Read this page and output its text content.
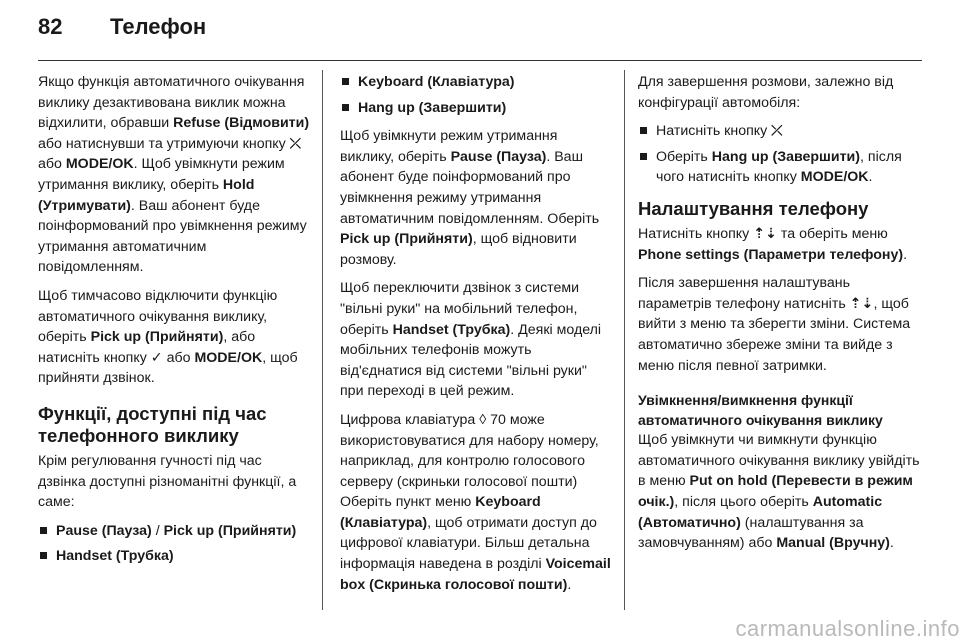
82	Телефон

Якщо функція автоматичного очікування виклику дезактивована виклик можна відхилити, обравши Refuse (Відмовити) або натиснувши та утримуючи кнопку ⤫ або MODE/OK. Щоб увімкнути режим утримання виклику, оберіть Hold (Утримувати). Ваш абонент буде поінформований про увімкнення режиму утримання автоматичним повідомленням.

Щоб тимчасово відключити функцію автоматичного очікування виклику, оберіть Pick up (Прийняти), або натисніть кнопку ✓ або MODE/OK, щоб прийняти дзвінок.

Функції, доступні під час телефонного виклику

Крім регулювання гучності під час дзвінка доступні різноманітні функції, а саме:

Pause (Пауза) / Pick up (Прийняти)
Handset (Трубка)
Keyboard (Клавіатура)
Hang up (Завершити)

Щоб увімкнути режим утримання виклику, оберіть Pause (Пауза). Ваш абонент буде поінформований про увімкнення режиму утримання автоматичним повідомленням. Оберіть Pick up (Прийняти), щоб відновити розмову.

Щоб переключити дзвінок з системи "вільні руки" на мобільний телефон, оберіть Handset (Трубка). Деякі моделі мобільних телефонів можуть від'єднатися від системи "вільні руки" при переході в цей режим.

Цифрова клавіатура ◊ 70 може використовуватися для набору номеру, наприклад, для контролю голосового серверу (скриньки голосової пошти) Оберіть пункт меню Keyboard (Клавіатура), щоб отримати доступ до цифрової клавіатури. Більш детальна інформація наведена в розділі Voicemail box (Скринька голосової пошти).

Для завершення розмови, залежно від конфігурації автомобіля:

Натисніть кнопку ⤫
Оберіть Hang up (Завершити), після чого натисніть кнопку MODE/OK.
Налаштування телефону

Натисніть кнопку ⇡⇣ та оберіть меню Phone settings (Параметри телефону).

Після завершення налаштувань параметрів телефону натисніть ⇡⇣, щоб вийти з меню та зберегти зміни. Система автоматично збереже зміни та вийде з меню після певної затримки.

Увімкнення/вимкнення функції автоматичного очікування виклику

Щоб увімкнути чи вимкнути функцію автоматичного очікування виклику увійдіть в меню Put on hold (Перевести в режим очік.), після цього оберіть Automatic (Автоматично) (налаштування за замовчуванням) або Manual (Вручну).

carmanualsonline.info
